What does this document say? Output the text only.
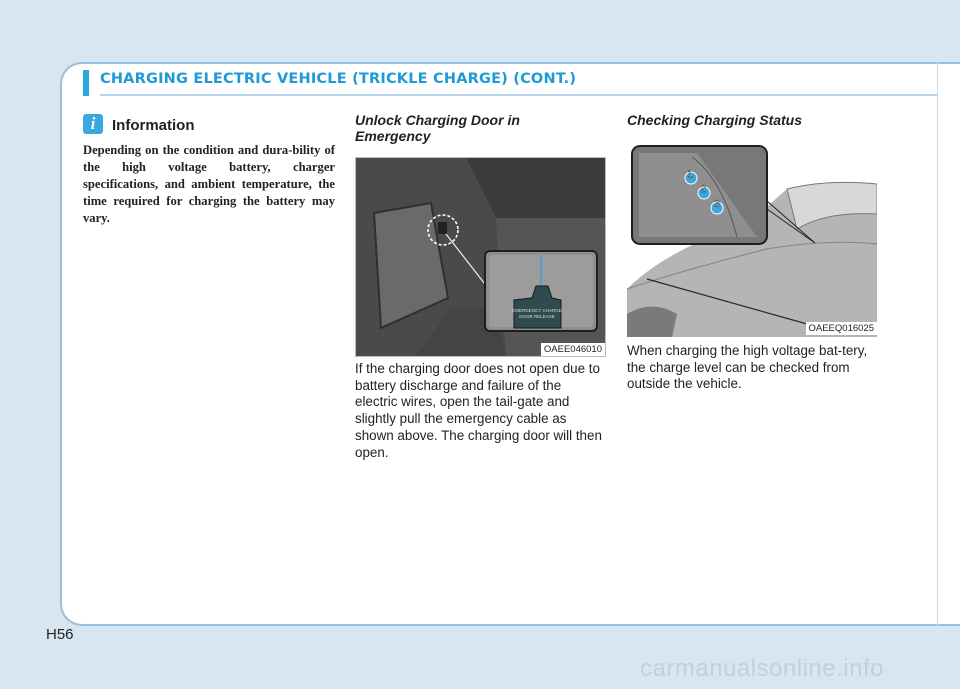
CHARGING ELECTRIC VEHICLE (TRICKLE CHARGE) (CONT.)
i	Information
Depending on the condition and dura-bility of the high voltage battery, charger specifications, and ambient temperature, the time required for charging the battery may vary.
Unlock Charging Door in Emergency
EMERGENCY CHARGE
DOOR RELEASE
OAEE046010
If the charging door does not open due to battery discharge and failure of the electric wires, open the tail-gate and slightly pull the emergency cable as shown above. The charging door will then open.
Checking Charging Status
1
2
3
OAEEQ016025
When charging the high voltage bat-tery, the charge level can be checked from outside the vehicle.
H56
carmanualsonline.info
